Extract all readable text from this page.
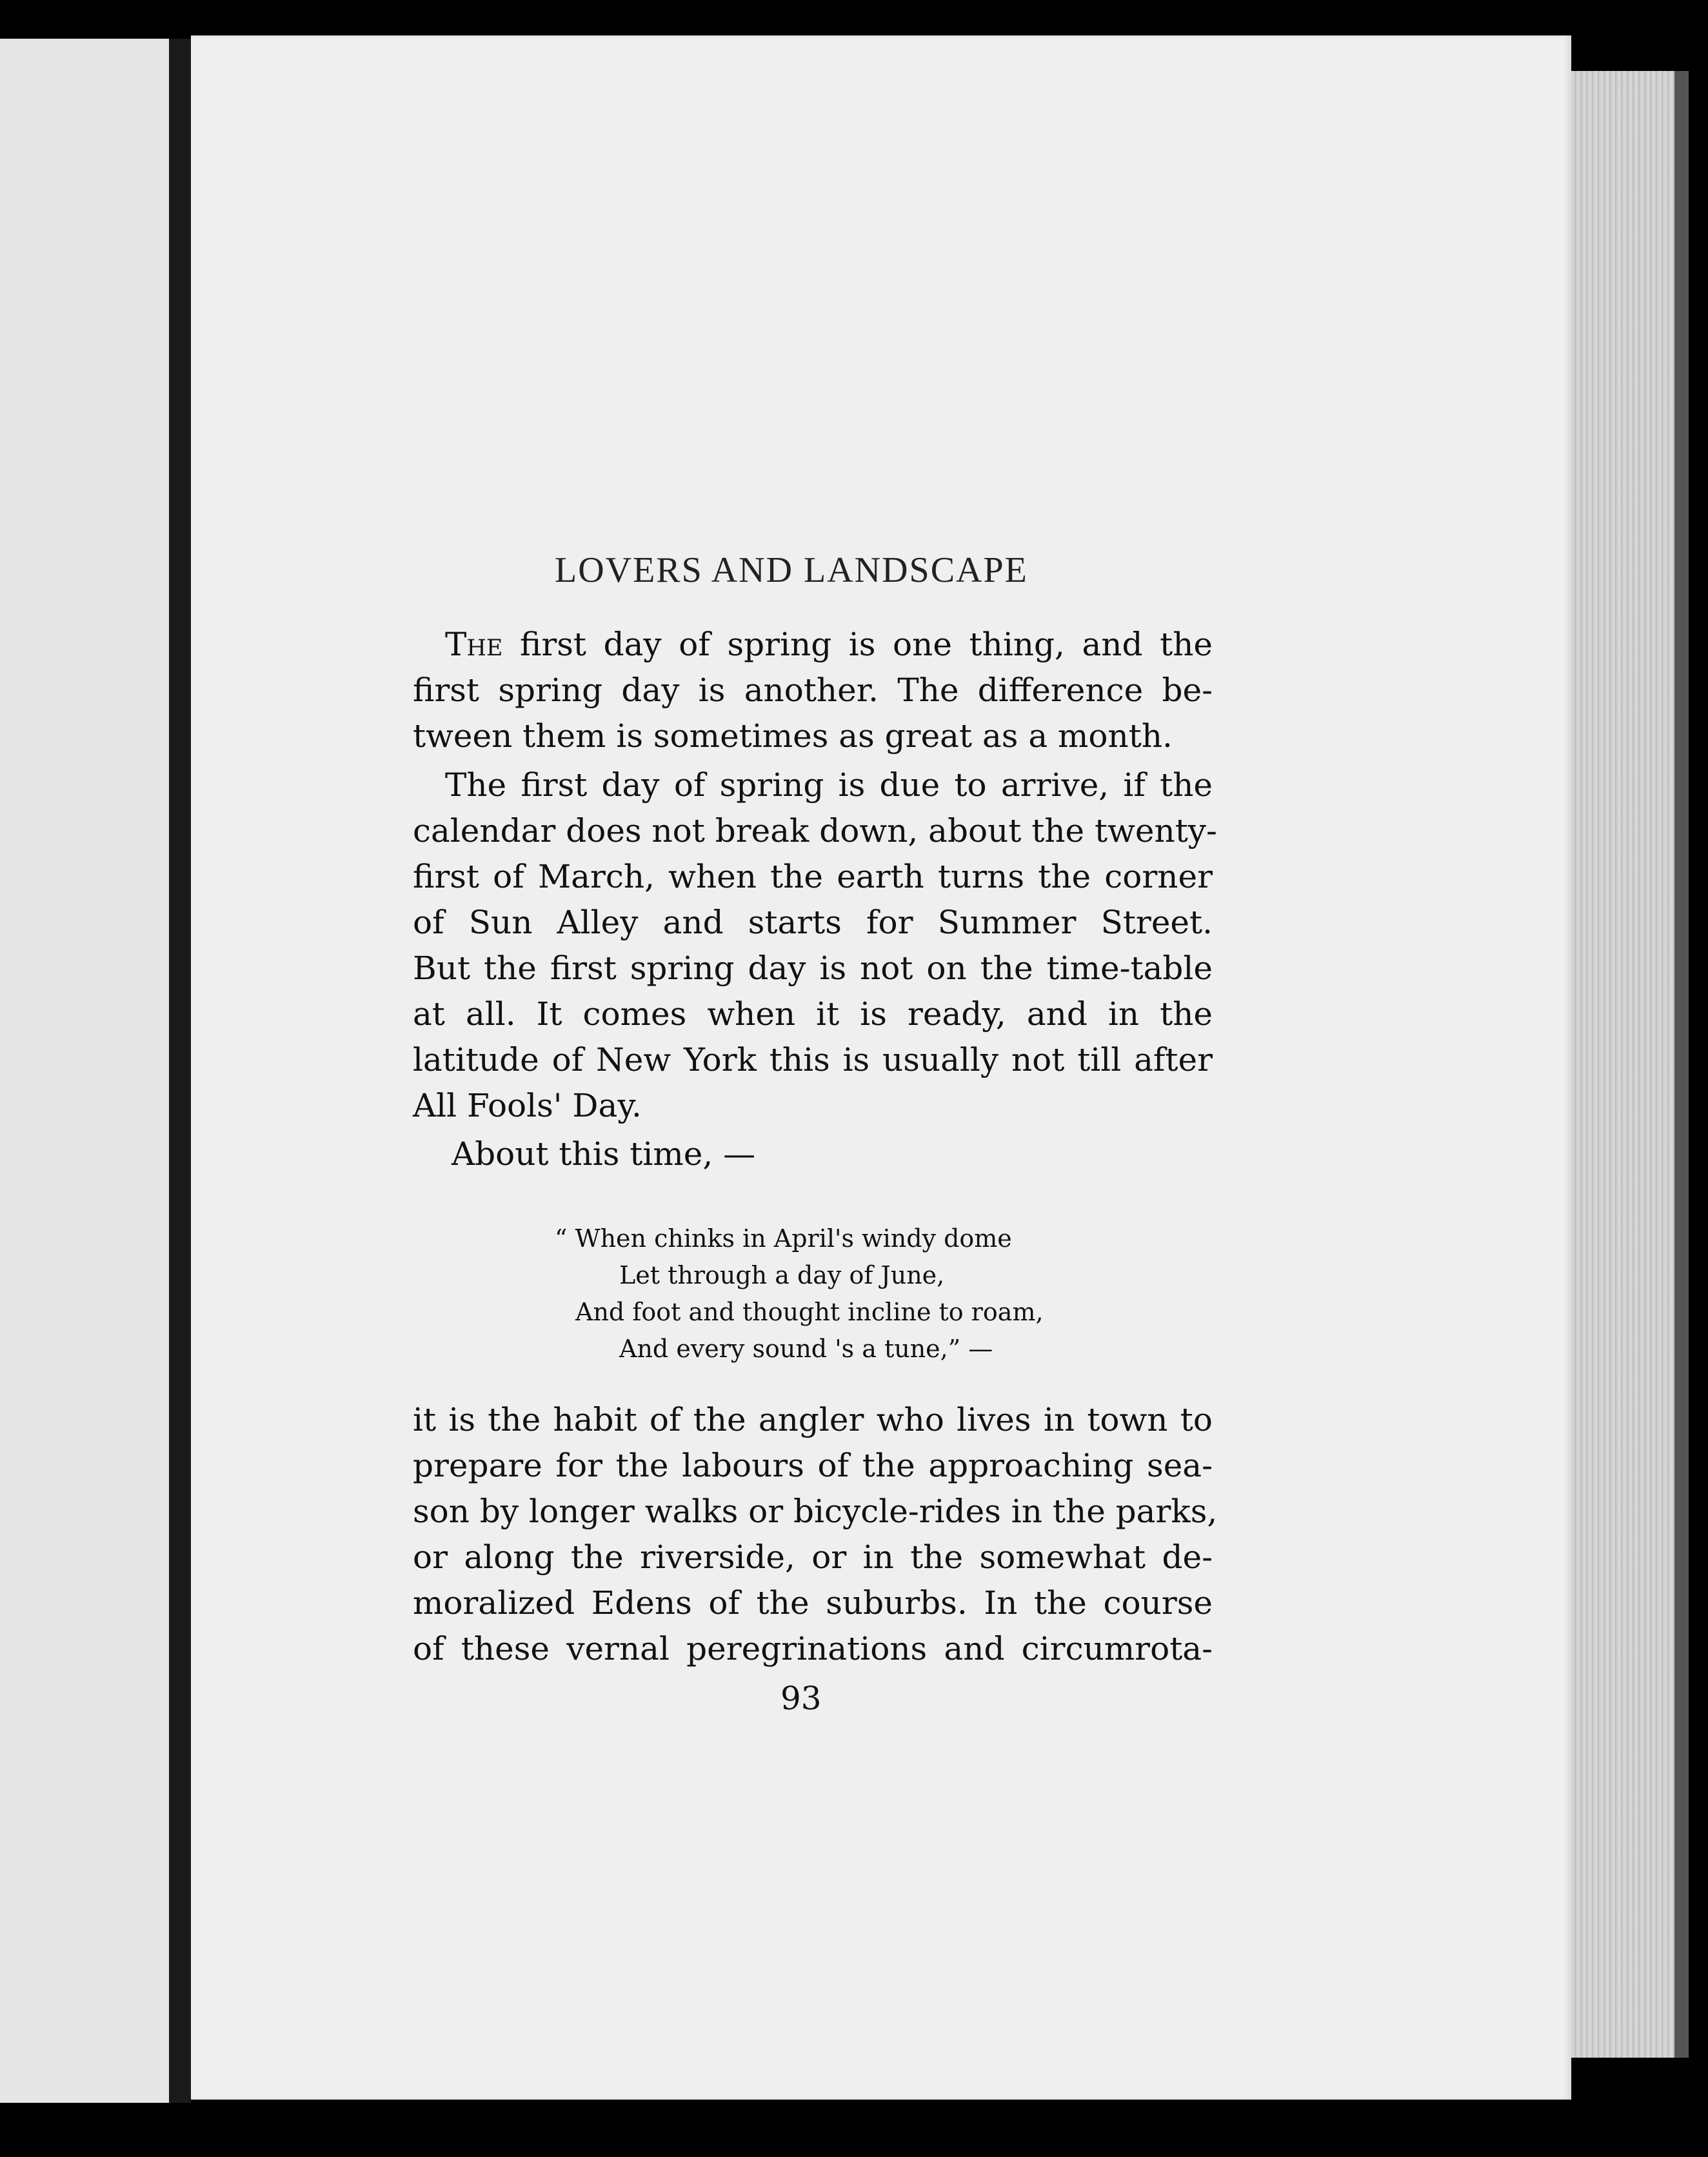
LOVERS AND LANDSCAPE

The first day of spring is one thing, and the
first spring day is another. The difference be-
tween them is sometimes as great as a month.

The first day of spring is due to arrive, if the
calendar does not break down, about the twenty-
first of March, when the earth turns the corner
of Sun Alley and starts for Summer Street.
But the first spring day is not on the time-table
at all. It comes when it is ready, and in the
latitude of New York this is usually not till after
All Fools' Day.

About this time, —

“ When chinks in April's windy dome
Let through a day of June,
And foot and thought incline to roam,
And every sound 's a tune,” —

it is the habit of the angler who lives in town to
prepare for the labours of the approaching sea-
son by longer walks or bicycle-rides in the parks,
or along the riverside, or in the somewhat de-
moralized Edens of the suburbs. In the course
of these vernal peregrinations and circumrota-

93
